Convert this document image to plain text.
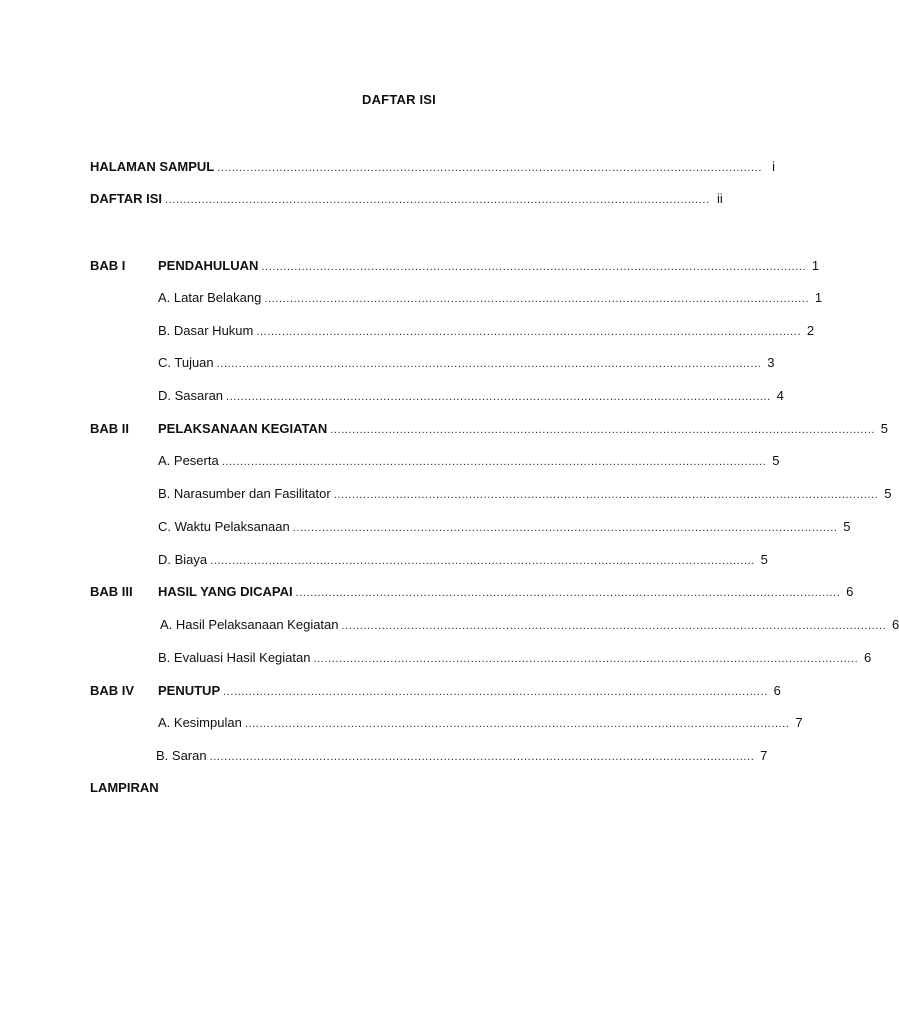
DAFTAR ISI
HALAMAN SAMPUL ..................................................................................................................................................... i
DAFTAR ISI ..................................................................................................................................................... ii
BAB I	PENDAHULUAN ..................................................................................................................................................... 1
A. Latar Belakang ..................................................................................................................................................... 1
B. Dasar Hukum ..................................................................................................................................................... 2
C. Tujuan ..................................................................................................................................................... 3
D. Sasaran ..................................................................................................................................................... 4
BAB II PELAKSANAAN KEGIATAN ..................................................................................................................................................... 5
A. Peserta ..................................................................................................................................................... 5
B. Narasumber dan Fasilitator ..................................................................................................................................................... 5
C. Waktu Pelaksanaan ..................................................................................................................................................... 5
D. Biaya ..................................................................................................................................................... 5
BAB III HASIL YANG DICAPAI ..................................................................................................................................................... 6
A. Hasil Pelaksanaan Kegiatan ..................................................................................................................................................... 6
B. Evaluasi Hasil Kegiatan ..................................................................................................................................................... 6
BAB IV PENUTUP ..................................................................................................................................................... 6
A. Kesimpulan ..................................................................................................................................................... 7
B. Saran ..................................................................................................................................................... 7
LAMPIRAN
